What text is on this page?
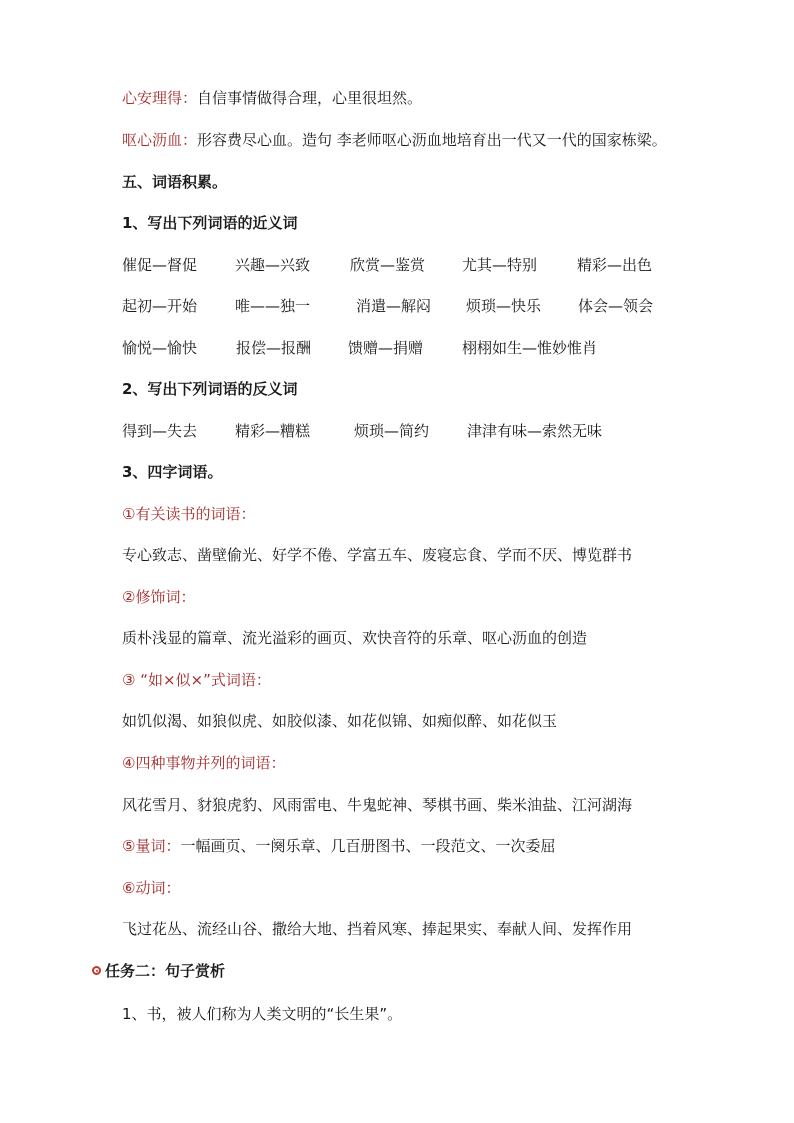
心安理得：自信事情做得合理，心里很坦然。
呕心沥血：形容费尽心血。造句 李老师呕心沥血地培育出一代又一代的国家栋梁。
五、词语积累。
1、写出下列词语的近义词
催促—督促	兴趣—兴致	欣赏—鉴赏 尤其—特别	精彩—出色
起初—开始	唯——独一	消遣—解闷 烦琐—快乐 体会—领会
愉悦—愉快	报偿—报酬 馈赠—捐赠	栩栩如生—惟妙惟肖
2、写出下列词语的反义词
得到—失去	精彩—糟糕	烦琐—简约	津津有味—索然无味
3、四字词语。
①有关读书的词语：
专心致志、凿壁偷光、好学不倦、学富五车、废寝忘食、学而不厌、博览群书
②修饰词：
质朴浅显的篇章、流光溢彩的画页、欢快音符的乐章、呕心沥血的创造
③ “如×似×”式词语：
如饥似渴、如狼似虎、如胶似漆、如花似锦、如痴似醉、如花似玉
④四种事物并列的词语：
风花雪月、豺狼虎豹、风雨雷电、牛鬼蛇神、琴棋书画、柴米油盐、江河湖海
⑤量词：一幅画页、一阕乐章、几百册图书、一段范文、一次委屈
⑥动词：
飞过花丛、流经山谷、撒给大地、挡着风寒、捧起果实、奉献人间、发挥作用
任务二：句子赏析
1、书，被人们称为人类文明的“长生果”。
